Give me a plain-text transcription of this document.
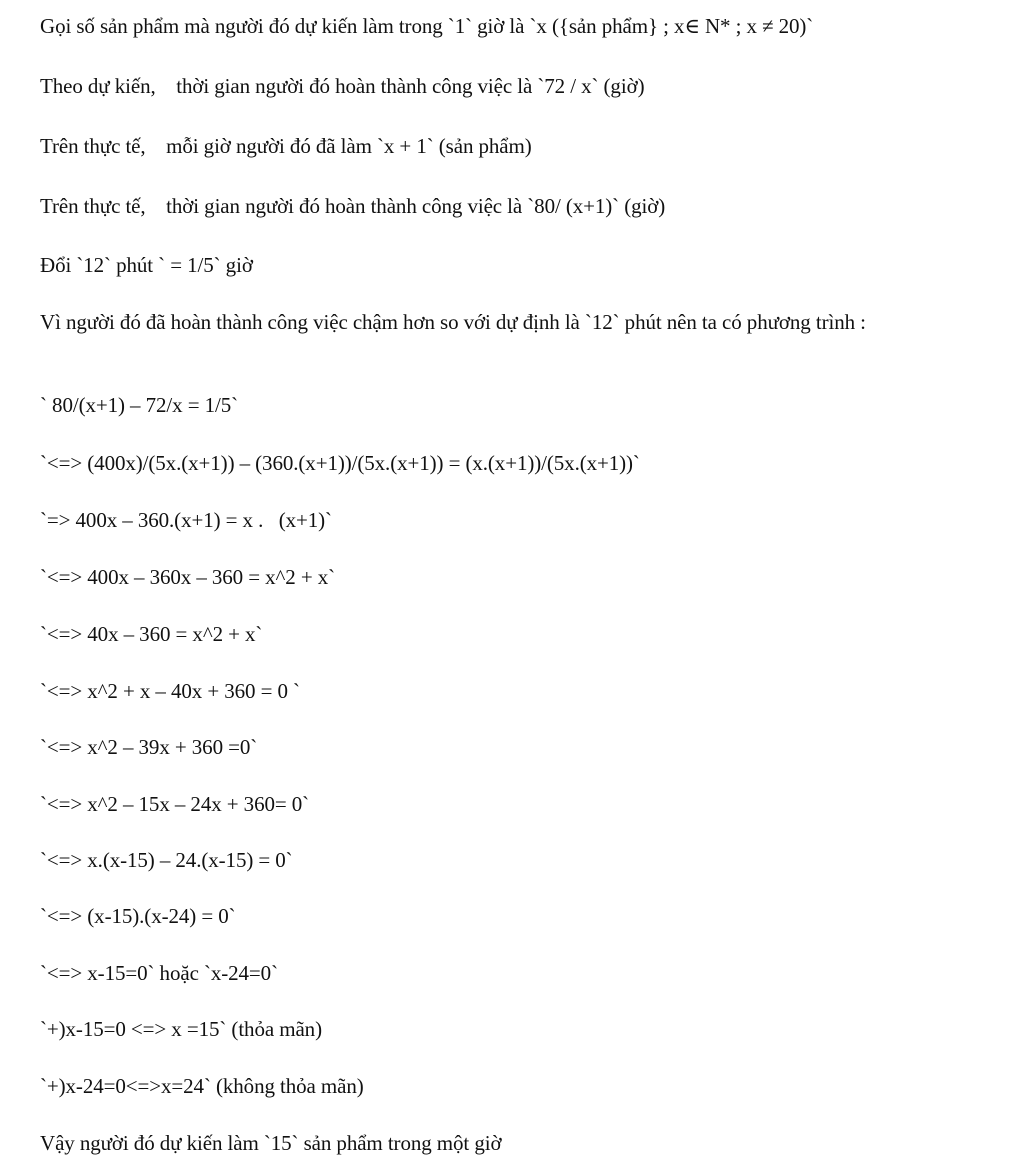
Gọi số sản phẩm mà người đó dự kiến làm trong `1` giờ là `x ({sản phẩm} ; x∈ N* ; x ≠ 20)`
Theo dự kiến,    thời gian người đó hoàn thành công việc là `72 / x` (giờ)
Trên thực tế,    mỗi giờ người đó đã làm `x + 1` (sản phẩm)
Trên thực tế,    thời gian người đó hoàn thành công việc là `80/ (x+1)` (giờ)
Đổi `12` phút ` = 1/5` giờ
Vì người đó đã hoàn thành công việc chậm hơn so với dự định là `12` phút nên ta có phương trình :
` 80/(x+1) – 72/x = 1/5`
`<=> (400x)/(5x.(x+1)) – (360.(x+1))/(5x.(x+1)) = (x.(x+1))/(5x.(x+1))`
`=> 400x – 360.(x+1) = x .   (x+1)`
`<=> 400x – 360x – 360 = x^2 + x`
`<=> 40x – 360 = x^2 + x`
`<=> x^2 + x – 40x + 360 = 0 `
`<=> x^2 – 39x + 360 =0`
`<=> x^2 – 15x – 24x + 360= 0`
`<=> x.(x-15) – 24.(x-15) = 0`
`<=> (x-15).(x-24) = 0`
`<=> x-15=0` hoặc `x-24=0`
`+)x-15=0 <=> x =15` (thỏa mãn)
`+)x-24=0<=>x=24` (không thỏa mãn)
Vậy người đó dự kiến làm `15` sản phẩm trong một giờ
